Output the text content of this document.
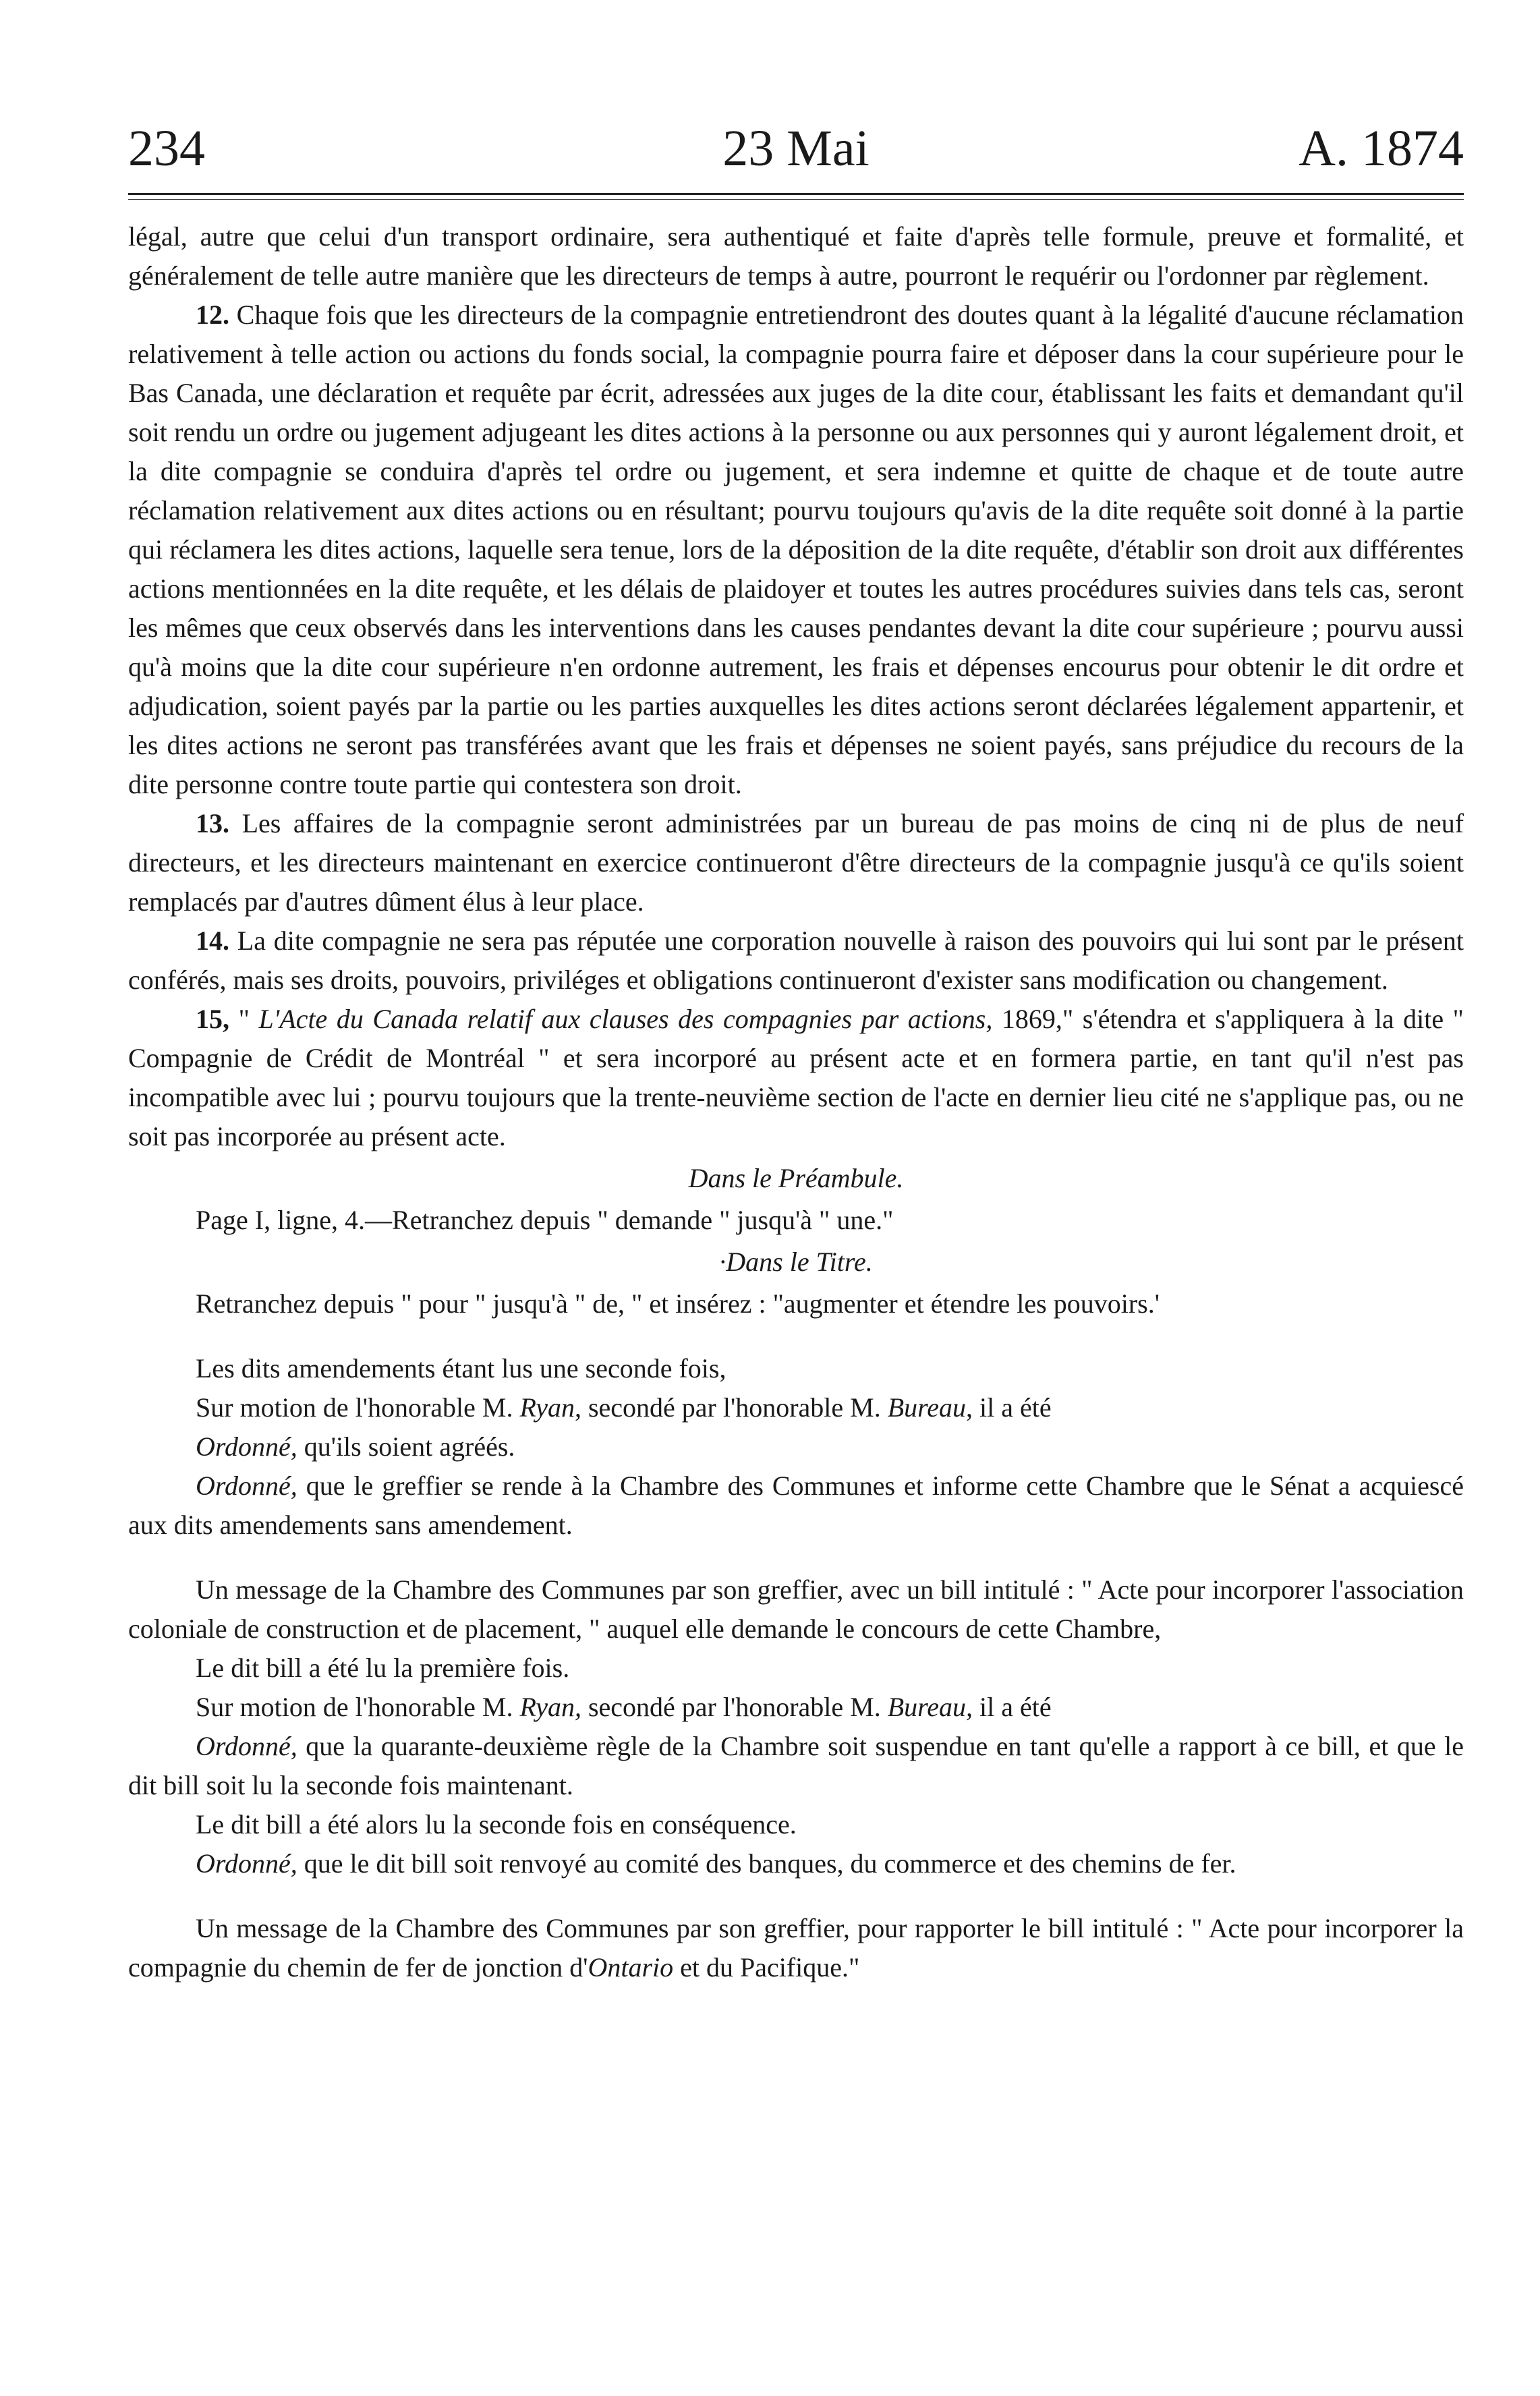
234	23 Mai	A. 1874

légal, autre que celui d'un transport ordinaire, sera authentiqué et faite d'après telle formule, preuve et formalité, et généralement de telle autre manière que les directeurs de temps à autre, pourront le requérir ou l'ordonner par règlement.

12. Chaque fois que les directeurs de la compagnie entretiendront des doutes quant à la légalité d'aucune réclamation relativement à telle action ou actions du fonds social, la compagnie pourra faire et déposer dans la cour supérieure pour le Bas Canada, une déclaration et requête par écrit, adressées aux juges de la dite cour, établissant les faits et demandant qu'il soit rendu un ordre ou jugement adjugeant les dites actions à la personne ou aux personnes qui y auront légalement droit, et la dite compagnie se conduira d'après tel ordre ou jugement, et sera indemne et quitte de chaque et de toute autre réclamation relativement aux dites actions ou en résultant; pourvu toujours qu'avis de la dite requête soit donné à la partie qui réclamera les dites actions, laquelle sera tenue, lors de la déposition de la dite requête, d'établir son droit aux différentes actions mentionnées en la dite requête, et les délais de plaidoyer et toutes les autres procédures suivies dans tels cas, seront les mêmes que ceux observés dans les interventions dans les causes pendantes devant la dite cour supérieure ; pourvu aussi qu'à moins que la dite cour supérieure n'en ordonne autrement, les frais et dépenses encourus pour obtenir le dit ordre et adjudication, soient payés par la partie ou les parties auxquelles les dites actions seront déclarées légalement appartenir, et les dites actions ne seront pas transférées avant que les frais et dépenses ne soient payés, sans préjudice du recours de la dite personne contre toute partie qui contestera son droit.

13. Les affaires de la compagnie seront administrées par un bureau de pas moins de cinq ni de plus de neuf directeurs, et les directeurs maintenant en exercice continueront d'être directeurs de la compagnie jusqu'à ce qu'ils soient remplacés par d'autres dûment élus à leur place.

14. La dite compagnie ne sera pas réputée une corporation nouvelle à raison des pouvoirs qui lui sont par le présent conférés, mais ses droits, pouvoirs, priviléges et obligations continueront d'exister sans modification ou changement.

15, " L'Acte du Canada relatif aux clauses des compagnies par actions, 1869," s'étendra et s'appliquera à la dite " Compagnie de Crédit de Montréal " et sera incorporé au présent acte et en formera partie, en tant qu'il n'est pas incompatible avec lui ; pourvu toujours que la trente-neuvième section de l'acte en dernier lieu cité ne s'applique pas, ou ne soit pas incorporée au présent acte.

Dans le Préambule.

Page I, ligne, 4.—Retranchez depuis " demande " jusqu'à " une."

·Dans le Titre.

Retranchez depuis " pour " jusqu'à " de, " et insérez : "augmenter et étendre les pouvoirs.'

Les dits amendements étant lus une seconde fois,

Sur motion de l'honorable M. Ryan, secondé par l'honorable M. Bureau, il a été

Ordonné, qu'ils soient agréés.

Ordonné, que le greffier se rende à la Chambre des Communes et informe cette Chambre que le Sénat a acquiescé aux dits amendements sans amendement.

Un message de la Chambre des Communes par son greffier, avec un bill intitulé : " Acte pour incorporer l'association coloniale de construction et de placement, " auquel elle demande le concours de cette Chambre,

Le dit bill a été lu la première fois.

Sur motion de l'honorable M. Ryan, secondé par l'honorable M. Bureau, il a été

Ordonné, que la quarante-deuxième règle de la Chambre soit suspendue en tant qu'elle a rapport à ce bill, et que le dit bill soit lu la seconde fois maintenant.

Le dit bill a été alors lu la seconde fois en conséquence.

Ordonné, que le dit bill soit renvoyé au comité des banques, du commerce et des chemins de fer.

Un message de la Chambre des Communes par son greffier, pour rapporter le bill intitulé : " Acte pour incorporer la compagnie du chemin de fer de jonction d'Ontario et du Pacifique."
